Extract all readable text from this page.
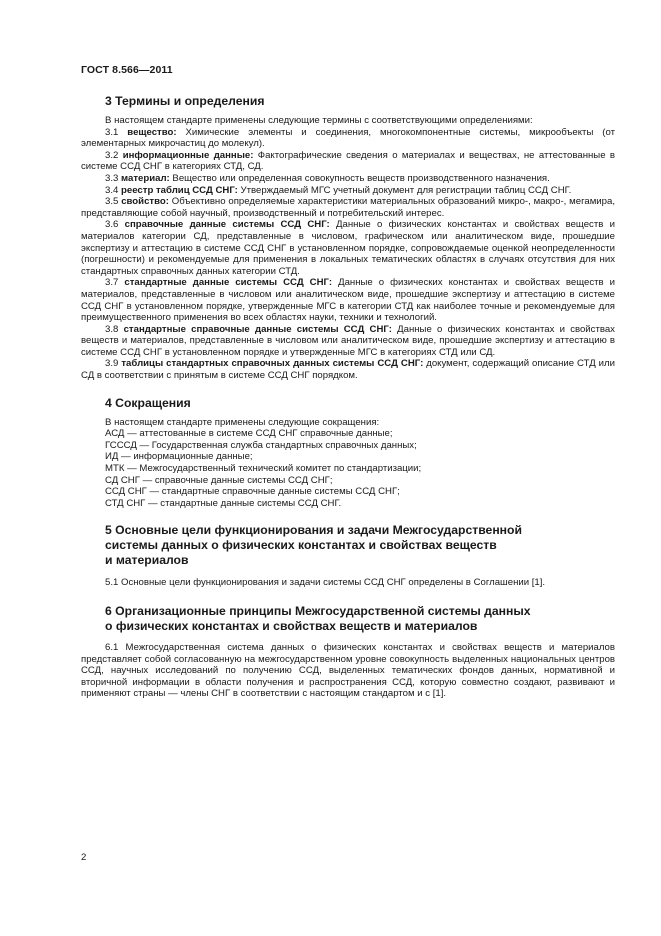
ГОСТ 8.566—2011
3 Термины и определения

В настоящем стандарте применены следующие термины с соответствующими определениями:

3.1 вещество: Химические элементы и соединения, многокомпонентные системы, микрообъекты (от элементарных микрочастиц до молекул).

3.2 информационные данные: Фактографические сведения о материалах и веществах, не аттестованные в системе ССД СНГ в категориях СТД, СД.

3.3 материал: Вещество или определенная совокупность веществ производственного назначения.

3.4 реестр таблиц ССД СНГ: Утверждаемый МГС учетный документ для регистрации таблиц ССД СНГ.

3.5 свойство: Объективно определяемые характеристики материальных образований микро-, макро-, мегамира, представляющие собой научный, производственный и потребительский интерес.

3.6 справочные данные системы ССД СНГ: Данные о физических константах и свойствах веществ и материалов категории СД, представленные в числовом, графическом или аналитическом виде, прошедшие экспертизу и аттестацию в системе ССД СНГ в установленном порядке, сопровождаемые оценкой неопределенности (погрешности) и рекомендуемые для применения в локальных тематических областях в случаях отсутствия для них стандартных справочных данных категории СТД.

3.7 стандартные данные системы ССД СНГ: Данные о физических константах и свойствах веществ и материалов, представленные в числовом или аналитическом виде, прошедшие экспертизу и аттестацию в системе ССД СНГ в установленном порядке, утвержденные МГС в категории СТД как наиболее точные и рекомендуемые для преимущественного применения во всех областях науки, техники и технологий.

3.8 стандартные справочные данные системы ССД СНГ: Данные о физических константах и свойствах веществ и материалов, представленные в числовом или аналитическом виде, прошедшие экспертизу и аттестацию в системе ССД СНГ в установленном порядке и утвержденные МГС в категориях СТД или СД.

3.9 таблицы стандартных справочных данных системы ССД СНГ: документ, содержащий описание СТД или СД в соответствии с принятым в системе ССД СНГ порядком.

4 Сокращения

В настоящем стандарте применены следующие сокращения:

АСД — аттестованные в системе ССД СНГ справочные данные;

ГСССД — Государственная служба стандартных справочных данных;

ИД — информационные данные;

МТК — Межгосударственный технический комитет по стандартизации;

СД СНГ — справочные данные системы ССД СНГ;

ССД СНГ — стандартные справочные данные системы ССД СНГ;

СТД СНГ — стандартные данные системы ССД СНГ.

5 Основные цели функционирования и задачи Межгосударственной
системы данных о физических константах и свойствах веществ
и материалов

5.1 Основные цели функционирования и задачи системы ССД СНГ определены в Соглашении [1].

6 Организационные принципы Межгосударственной системы данных
о физических константах и свойствах веществ и материалов

6.1 Межгосударственная система данных о физических константах и свойствах веществ и материалов представляет собой согласованную на межгосударственном уровне совокупность выделенных национальных центров ССД, научных исследований по получению ССД, выделенных тематических фондов данных, нормативной и вторичной информации в области получения и распространения ССД, которую совместно создают, развивают и применяют страны — члены СНГ в соответствии с настоящим стандартом и с [1].

2
